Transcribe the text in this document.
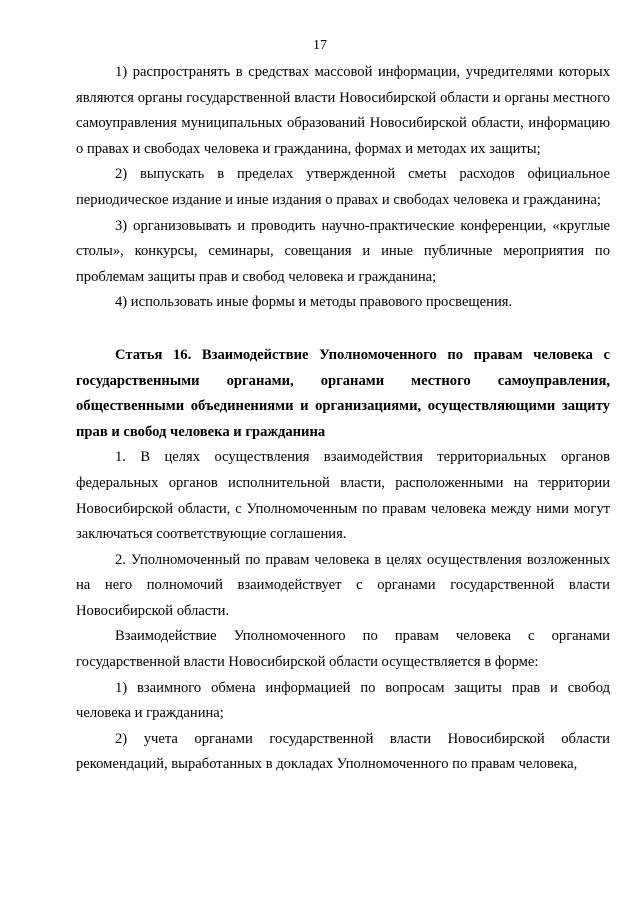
17

1) распространять в средствах массовой информации, учредителями которых являются органы государственной власти Новосибирской области и органы местного самоуправления муниципальных образований Новосибирской области, информацию о правах и свободах человека и гражданина, формах и методах их защиты;

2) выпускать в пределах утвержденной сметы расходов официальное периодическое издание и иные издания о правах и свободах человека и гражданина;

3) организовывать и проводить научно-практические конференции, «круглые столы», конкурсы, семинары, совещания и иные публичные мероприятия по проблемам защиты прав и свобод человека и гражданина;

4) использовать иные формы и методы правового просвещения.

Статья 16. Взаимодействие Уполномоченного по правам человека с государственными органами, органами местного самоуправления, общественными объединениями и организациями, осуществляющими защиту прав и свобод человека и гражданина

1. В целях осуществления взаимодействия территориальных органов федеральных органов исполнительной власти, расположенными на территории Новосибирской области, с Уполномоченным по правам человека между ними могут заключаться соответствующие соглашения.

2. Уполномоченный по правам человека в целях осуществления возложенных на него полномочий взаимодействует с органами государственной власти Новосибирской области.

Взаимодействие Уполномоченного по правам человека с органами государственной власти Новосибирской области осуществляется в форме:

1) взаимного обмена информацией по вопросам защиты прав и свобод человека и гражданина;

2) учета органами государственной власти Новосибирской области рекомендаций, выработанных в докладах Уполномоченного по правам человека,
